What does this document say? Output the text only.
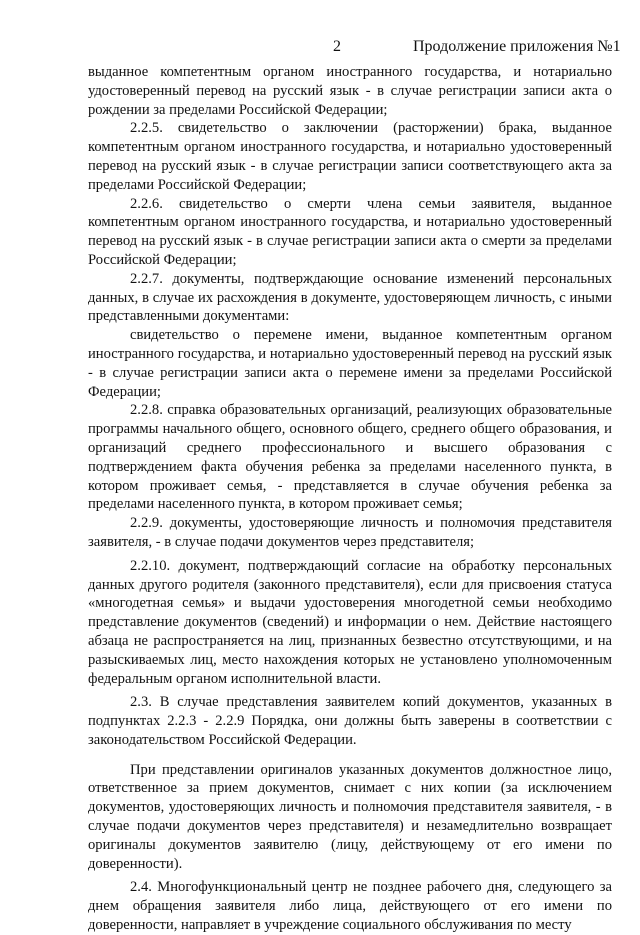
2	Продолжение приложения №1

выданное компетентным органом иностранного государства, и нотариально удостоверенный перевод на русский язык - в случае регистрации записи акта о рождении за пределами Российской Федерации;

2.2.5. свидетельство о заключении (расторжении) брака, выданное компетентным органом иностранного государства, и нотариально удостоверенный перевод на русский язык - в случае регистрации записи соответствующего акта за пределами Российской Федерации;

2.2.6. свидетельство о смерти члена семьи заявителя, выданное компетентным органом иностранного государства, и нотариально удостоверенный перевод на русский язык - в случае регистрации записи акта о смерти за пределами Российской Федерации;

2.2.7. документы, подтверждающие основание изменений персональных данных, в случае их расхождения в документе, удостоверяющем личность, с иными представленными документами:

свидетельство о перемене имени, выданное компетентным органом иностранного государства, и нотариально удостоверенный перевод на русский язык - в случае регистрации записи акта о перемене имени за пределами Российской Федерации;

2.2.8. справка образовательных организаций, реализующих образовательные программы начального общего, основного общего, среднего общего образования, и организаций среднего профессионального и высшего образования с подтверждением факта обучения ребенка за пределами населенного пункта, в котором проживает семья, - представляется в случае обучения ребенка за пределами населенного пункта, в котором проживает семья;

2.2.9. документы, удостоверяющие личность и полномочия представителя заявителя, - в случае подачи документов через представителя;

2.2.10. документ, подтверждающий согласие на обработку персональных данных другого родителя (законного представителя), если для присвоения статуса «многодетная семья» и выдачи удостоверения многодетной семьи необходимо представление документов (сведений) и информации о нем. Действие настоящего абзаца не распространяется на лиц, признанных безвестно отсутствующими, и на разыскиваемых лиц, место нахождения которых не установлено уполномоченным федеральным органом исполнительной власти.

2.3. В случае представления заявителем копий документов, указанных в подпунктах 2.2.3 - 2.2.9 Порядка, они должны быть заверены в соответствии с законодательством Российской Федерации.

При представлении оригиналов указанных документов должностное лицо, ответственное за прием документов, снимает с них копии (за исключением документов, удостоверяющих личность и полномочия представителя заявителя, - в случае подачи документов через представителя) и незамедлительно возвращает оригиналы документов заявителю (лицу, действующему от его имени по доверенности).

2.4. Многофункциональный центр не позднее рабочего дня, следующего за днем обращения заявителя либо лица, действующего от его имени по доверенности, направляет в учреждение социального обслуживания по месту
